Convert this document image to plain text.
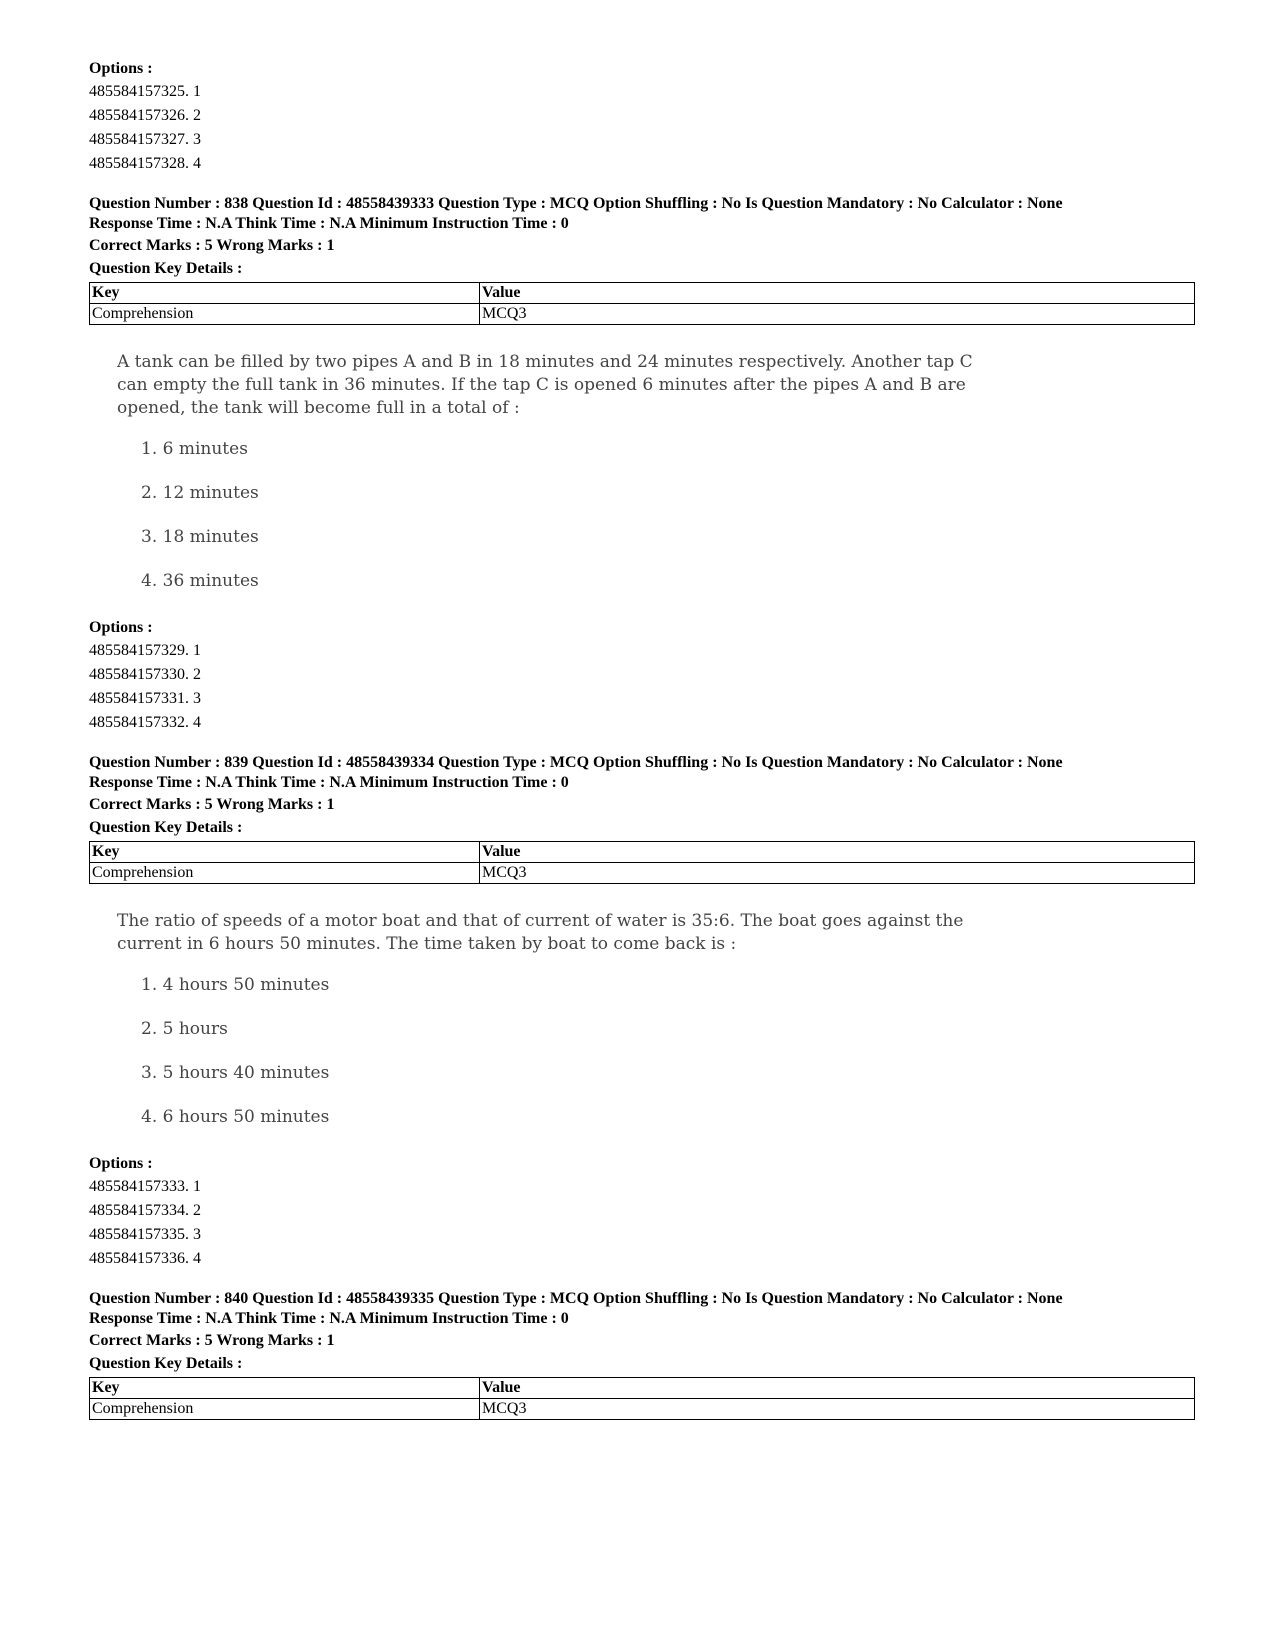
Options :
485584157325. 1
485584157326. 2
485584157327. 3
485584157328. 4
Question Number : 838 Question Id : 48558439333 Question Type : MCQ Option Shuffling : No Is Question Mandatory : No Calculator : None
Response Time : N.A Think Time : N.A Minimum Instruction Time : 0
Correct Marks : 5 Wrong Marks : 1
Question Key Details :
Key	Value
Comprehension	MCQ3
A tank can be filled by two pipes A and B in 18 minutes and 24 minutes respectively. Another tap C can empty the full tank in 36 minutes. If the tap C is opened 6 minutes after the pipes A and B are opened, the tank will become full in a total of :
1. 6 minutes
2. 12 minutes
3. 18 minutes
4. 36 minutes
Options :
485584157329. 1
485584157330. 2
485584157331. 3
485584157332. 4
Question Number : 839 Question Id : 48558439334 Question Type : MCQ Option Shuffling : No Is Question Mandatory : No Calculator : None
Response Time : N.A Think Time : N.A Minimum Instruction Time : 0
Correct Marks : 5 Wrong Marks : 1
Question Key Details :
Key	Value
Comprehension	MCQ3
The ratio of speeds of a motor boat and that of current of water is 35:6. The boat goes against the current in 6 hours 50 minutes. The time taken by boat to come back is :
1. 4 hours 50 minutes
2. 5 hours
3. 5 hours 40 minutes
4. 6 hours 50 minutes
Options :
485584157333. 1
485584157334. 2
485584157335. 3
485584157336. 4
Question Number : 840 Question Id : 48558439335 Question Type : MCQ Option Shuffling : No Is Question Mandatory : No Calculator : None
Response Time : N.A Think Time : N.A Minimum Instruction Time : 0
Correct Marks : 5 Wrong Marks : 1
Question Key Details :
Key	Value
Comprehension	MCQ3
